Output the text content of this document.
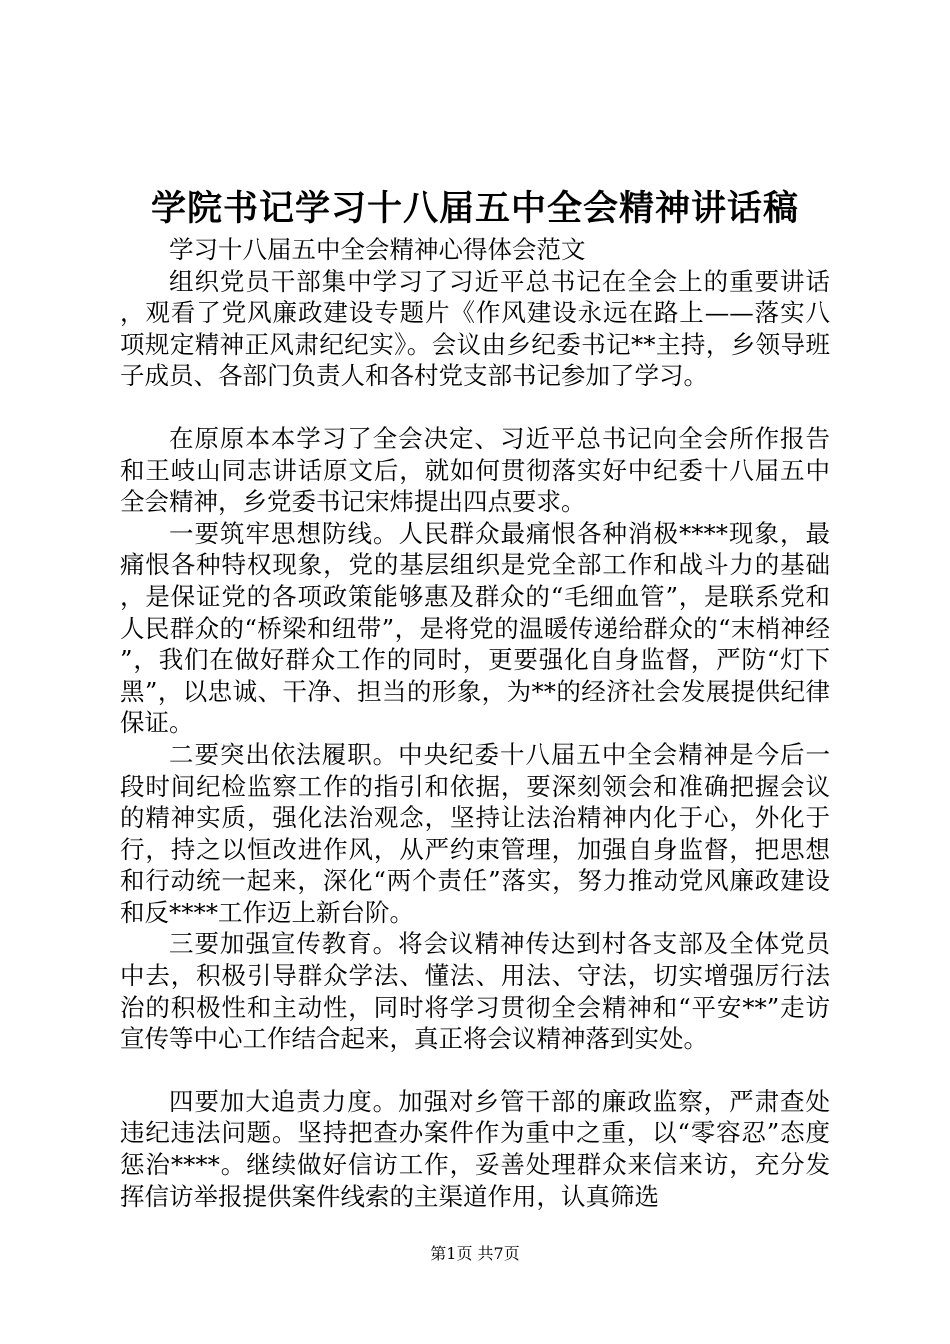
学院书记学习十八届五中全会精神讲话稿

学习十八届五中全会精神心得体会范文

组织党员干部集中学习了习近平总书记在全会上的重要讲话，观看了党风廉政建设专题片《作风建设永远在路上——落实八项规定精神正风肃纪纪实》。会议由乡纪委书记**主持，乡领导班子成员、各部门负责人和各村党支部书记参加了学习。

在原原本本学习了全会决定、习近平总书记向全会所作报告和王岐山同志讲话原文后，就如何贯彻落实好中纪委十八届五中全会精神，乡党委书记宋炜提出四点要求。

一要筑牢思想防线。人民群众最痛恨各种消极****现象，最痛恨各种特权现象，党的基层组织是党全部工作和战斗力的基础，是保证党的各项政策能够惠及群众的“毛细血管”，是联系党和人民群众的“桥梁和纽带”，是将党的温暖传递给群众的“末梢神经”，我们在做好群众工作的同时，更要强化自身监督，严防“灯下黑”，以忠诚、干净、担当的形象，为**的经济社会发展提供纪律保证。

二要突出依法履职。中央纪委十八届五中全会精神是今后一段时间纪检监察工作的指引和依据，要深刻领会和准确把握会议的精神实质，强化法治观念，坚持让法治精神内化于心，外化于行，持之以恒改进作风，从严约束管理，加强自身监督，把思想和行动统一起来，深化“两个责任”落实，努力推动党风廉政建设和反****工作迈上新台阶。

三要加强宣传教育。将会议精神传达到村各支部及全体党员中去，积极引导群众学法、懂法、用法、守法，切实增强厉行法治的积极性和主动性，同时将学习贯彻全会精神和“平安**”走访宣传等中心工作结合起来，真正将会议精神落到实处。

四要加大追责力度。加强对乡管干部的廉政监察，严肃查处违纪违法问题。坚持把查办案件作为重中之重，以“零容忍”态度惩治****。继续做好信访工作，妥善处理群众来信来访，充分发挥信访举报提供案件线索的主渠道作用，认真筛选

第1页 共7页
